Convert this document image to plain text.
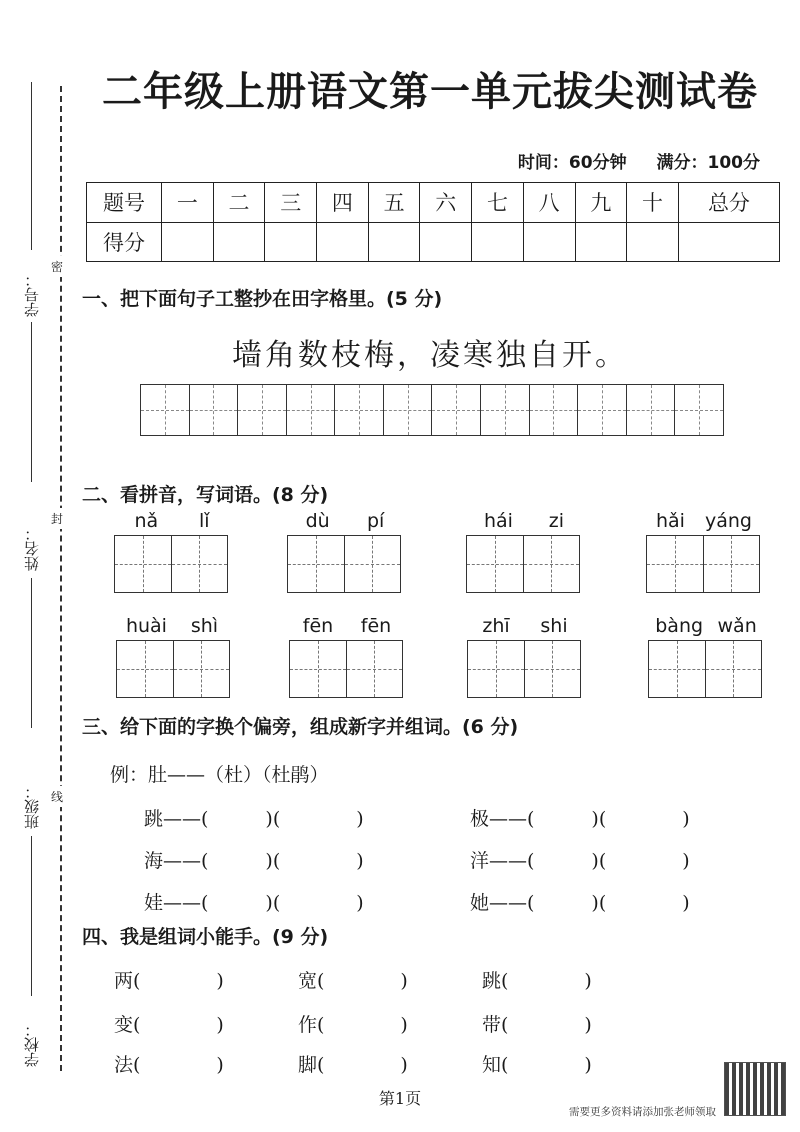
学号：
姓名：
班级：
学校：
密
封
线
二年级上册语文第一单元拔尖测试卷
时间：60分钟 满分：100分
题号	一	二	三	四	五	六	七	八	九	十	总分
得分											
一、把下面句子工整抄在田字格里。(5 分)
墙角数枝梅，凌寒独自开。
二、看拼音，写词语。(8 分)
nǎ lǐ	dù pí	hái zi	hǎi yáng
huài shì	fēn fēn	zhī shi	bàng wǎn
三、给下面的字换个偏旁，组成新字并组词。(6 分)
例：肚——（杜）（杜鹃）
跳——(　　　)(　　　　)	极——(　　　)(　　　　)
海——(　　　)(　　　　)	洋——(　　　)(　　　　)
娃——(　　　)(　　　　)	她——(　　　)(　　　　)
四、我是组词小能手。(9 分)
两(　　　　)	宽(　　　　)	跳(　　　　)
变(　　　　)	作(　　　　)	带(　　　　)
法(　　　　)	脚(　　　　)	知(　　　　)
第1页
需要更多资料请添加张老师领取
